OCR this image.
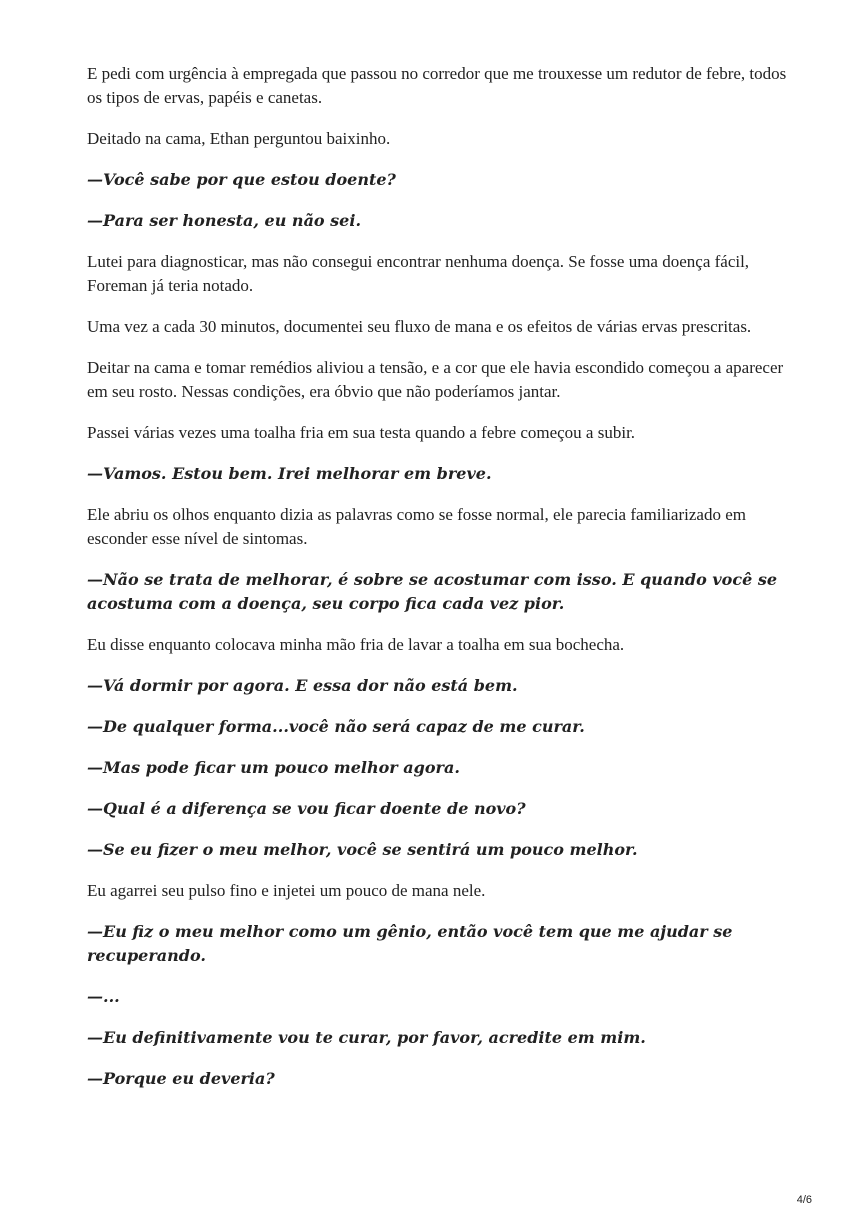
E pedi com urgência à empregada que passou no corredor que me trouxesse um redutor de febre, todos os tipos de ervas, papéis e canetas.

Deitado na cama, Ethan perguntou baixinho.

—Você sabe por que estou doente?

—Para ser honesta, eu não sei.

Lutei para diagnosticar, mas não consegui encontrar nenhuma doença. Se fosse uma doença fácil, Foreman já teria notado.

Uma vez a cada 30 minutos, documentei seu fluxo de mana e os efeitos de várias ervas prescritas.

Deitar na cama e tomar remédios aliviou a tensão, e a cor que ele havia escondido começou a aparecer em seu rosto. Nessas condições, era óbvio que não poderíamos jantar.

Passei várias vezes uma toalha fria em sua testa quando a febre começou a subir.

—Vamos. Estou bem. Irei melhorar em breve.

Ele abriu os olhos enquanto dizia as palavras como se fosse normal, ele parecia familiarizado em esconder esse nível de sintomas.

—Não se trata de melhorar, é sobre se acostumar com isso. E quando você se acostuma com a doença, seu corpo fica cada vez pior.

Eu disse enquanto colocava minha mão fria de lavar a toalha em sua bochecha.

—Vá dormir por agora. E essa dor não está bem.

—De qualquer forma...você não será capaz de me curar.

—Mas pode ficar um pouco melhor agora.

—Qual é a diferença se vou ficar doente de novo?

—Se eu fizer o meu melhor, você se sentirá um pouco melhor.

Eu agarrei seu pulso fino e injetei um pouco de mana nele.

—Eu fiz o meu melhor como um gênio, então você tem que me ajudar se recuperando.

—...

—Eu definitivamente vou te curar, por favor, acredite em mim.

—Porque eu deveria?

4/6
